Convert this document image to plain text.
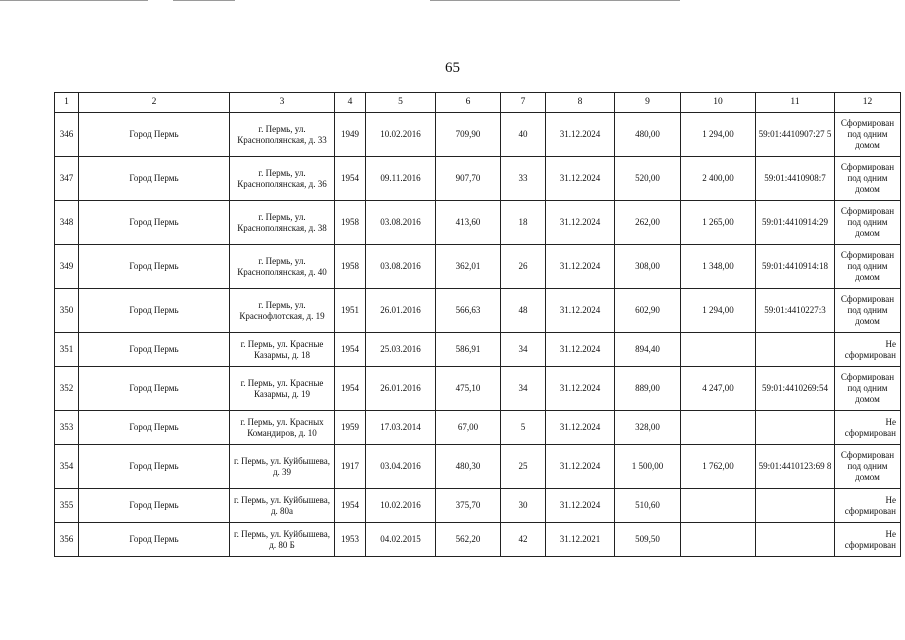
65
1	2	3	4	5	6	7	8	9	10	11	12
346	Город Пермь	г. Пермь, ул. Краснополянская, д. 33	1949	10.02.2016	709,90	40	31.12.2024	480,00	1 294,00	59:01:4410907:27 5	Сформирован под одним домом
347	Город Пермь	г. Пермь, ул. Краснополянская, д. 36	1954	09.11.2016	907,70	33	31.12.2024	520,00	2 400,00	59:01:4410908:7	Сформирован под одним домом
348	Город Пермь	г. Пермь, ул. Краснополянская, д. 38	1958	03.08.2016	413,60	18	31.12.2024	262,00	1 265,00	59:01:4410914:29	Сформирован под одним домом
349	Город Пермь	г. Пермь, ул. Краснополянская, д. 40	1958	03.08.2016	362,01	26	31.12.2024	308,00	1 348,00	59:01:4410914:18	Сформирован под одним домом
350	Город Пермь	г. Пермь, ул. Краснофлотская, д. 19	1951	26.01.2016	566,63	48	31.12.2024	602,90	1 294,00	59:01:4410227:3	Сформирован под одним домом
351	Город Пермь	г. Пермь, ул. Красные Казармы, д. 18	1954	25.03.2016	586,91	34	31.12.2024	894,40			Не сформирован
352	Город Пермь	г. Пермь, ул. Красные Казармы, д. 19	1954	26.01.2016	475,10	34	31.12.2024	889,00	4 247,00	59:01:4410269:54	Сформирован под одним домом
353	Город Пермь	г. Пермь, ул. Красных Командиров, д. 10	1959	17.03.2014	67,00	5	31.12.2024	328,00			Не сформирован
354	Город Пермь	г. Пермь, ул. Куйбышева, д. 39	1917	03.04.2016	480,30	25	31.12.2024	1 500,00	1 762,00	59:01:4410123:69 8	Сформирован под одним домом
355	Город Пермь	г. Пермь, ул. Куйбышева, д. 80а	1954	10.02.2016	375,70	30	31.12.2024	510,60			Не сформирован
356	Город Пермь	г. Пермь, ул. Куйбышева, д. 80 Б	1953	04.02.2015	562,20	42	31.12.2021	509,50			Не сформирован
